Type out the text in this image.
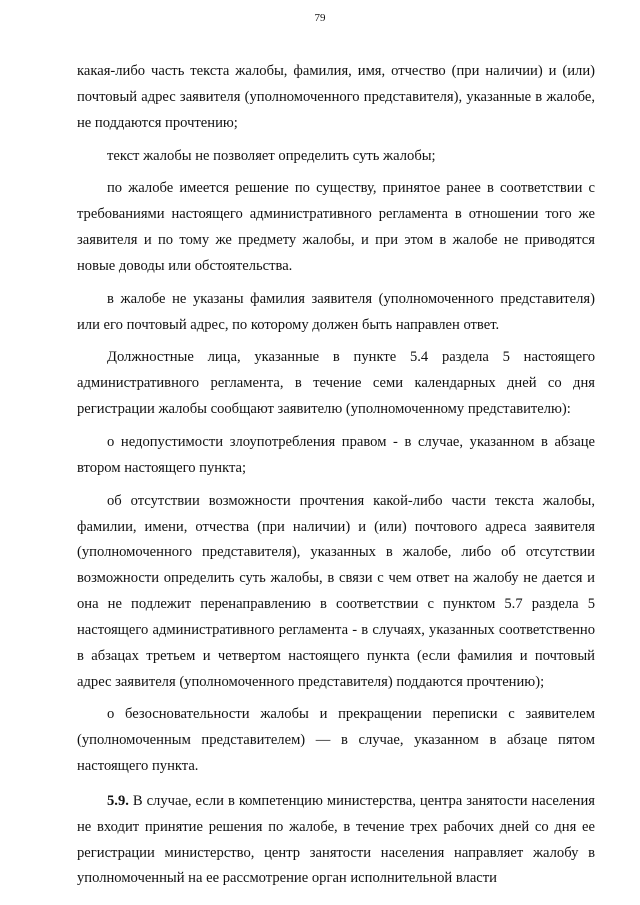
79

какая-либо часть текста жалобы, фамилия, имя, отчество (при наличии) и (или) почтовый адрес заявителя (уполномоченного представителя), указанные в жалобе, не поддаются прочтению;

текст жалобы не позволяет определить суть жалобы;

по жалобе имеется решение по существу, принятое ранее в соответствии с требованиями настоящего административного регламента в отношении того же заявителя и по тому же предмету жалобы, и при этом в жалобе не приводятся новые доводы или обстоятельства.

в жалобе не указаны фамилия заявителя (уполномоченного представителя) или его почтовый адрес, по которому должен быть направлен ответ.

Должностные лица, указанные в пункте 5.4 раздела 5 настоящего административного регламента, в течение семи календарных дней со дня регистрации жалобы сообщают заявителю (уполномоченному представителю):

о недопустимости злоупотребления правом - в случае, указанном в абзаце втором настоящего пункта;

об отсутствии возможности прочтения какой-либо части текста жалобы, фамилии, имени, отчества (при наличии) и (или) почтового адреса заявителя (уполномоченного представителя), указанных в жалобе, либо об отсутствии возможности определить суть жалобы, в связи с чем ответ на жалобу не дается и она не подлежит перенаправлению в соответствии с пунктом 5.7 раздела 5 настоящего административного регламента - в случаях, указанных соответственно в абзацах третьем и четвертом настоящего пункта (если фамилия и почтовый адрес заявителя (уполномоченного представителя) поддаются прочтению);

о безосновательности жалобы и прекращении переписки с заявителем (уполномоченным представителем) — в случае, указанном в абзаце пятом настоящего пункта.

5.9. В случае, если в компетенцию министерства, центра занятости населения не входит принятие решения по жалобе, в течение трех рабочих дней со дня ее регистрации министерство, центр занятости населения направляет жалобу в уполномоченный на ее рассмотрение орган исполнительной власти
